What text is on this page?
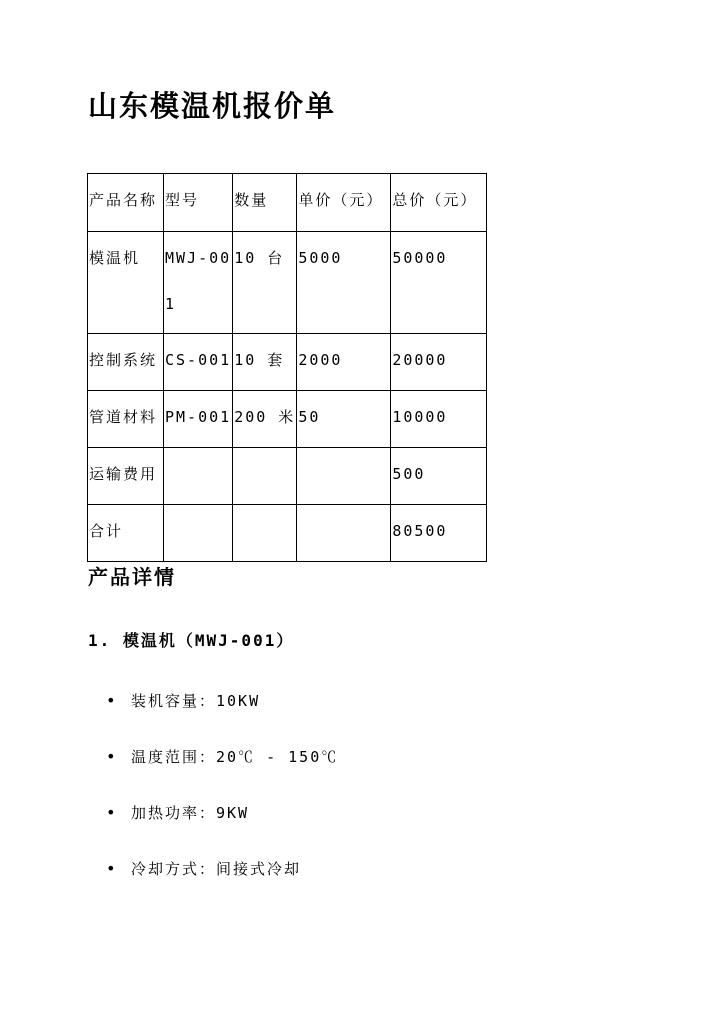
山东模温机报价单
产品名称	型号	数量	单价（元）	总价（元）
模温机	MWJ-001	10 台	5000	50000
控制系统	CS-001	10 套	2000	20000
管道材料	PM-001	200 米	50	10000
运输费用				500
合计				80500
产品详情
1. 模温机（MWJ-001）
• 装机容量：10KW
• 温度范围：20℃ - 150℃
• 加热功率：9KW
• 冷却方式：间接式冷却
